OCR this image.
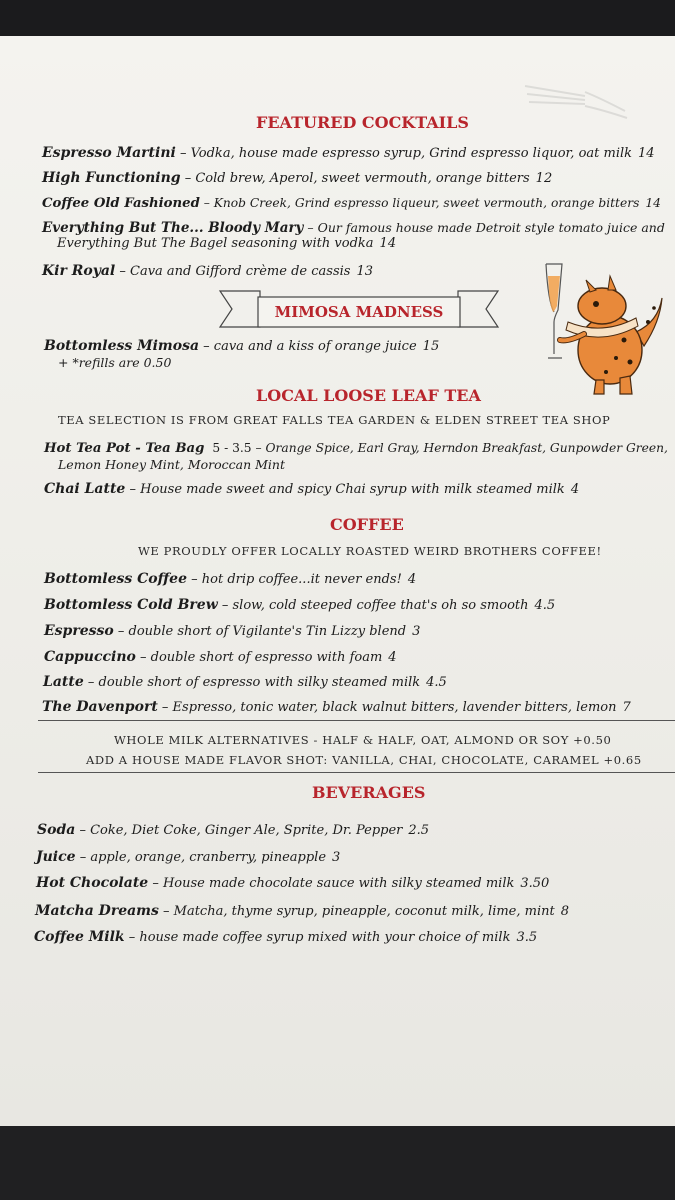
FEATURED COCKTAILS
Espresso Martini – Vodka, house made espresso syrup, Grind espresso liquor, oat milk 14
High Functioning – Cold brew, Aperol, sweet vermouth, orange bitters 12
Coffee Old Fashioned – Knob Creek, Grind espresso liqueur, sweet vermouth, orange bitters 14
Everything But The... Bloody Mary – Our famous house made Detroit style tomato juice and
Everything But The Bagel seasoning with vodka 14
Kir Royal – Cava and Gifford crème de cassis 13
MIMOSA MADNESS
Bottomless Mimosa – cava and a kiss of orange juice 15
+ *refills are 0.50
LOCAL LOOSE LEAF TEA
TEA SELECTION IS FROM GREAT FALLS TEA GARDEN & ELDEN STREET TEA SHOP
Hot Tea Pot - Tea Bag 5 - 3.5 – Orange Spice, Earl Gray, Herndon Breakfast, Gunpowder Green,
Lemon Honey Mint, Moroccan Mint
Chai Latte – House made sweet and spicy Chai syrup with milk steamed milk 4
COFFEE
WE PROUDLY OFFER LOCALLY ROASTED WEIRD BROTHERS COFFEE!
Bottomless Coffee – hot drip coffee...it never ends! 4
Bottomless Cold Brew – slow, cold steeped coffee that's oh so smooth 4.5
Espresso – double short of Vigilante's Tin Lizzy blend 3
Cappuccino – double short of espresso with foam 4
Latte – double short of espresso with silky steamed milk 4.5
The Davenport – Espresso, tonic water, black walnut bitters, lavender bitters, lemon 7
WHOLE MILK ALTERNATIVES - HALF & HALF, OAT, ALMOND OR SOY +0.50
ADD A HOUSE MADE FLAVOR SHOT: VANILLA, CHAI, CHOCOLATE, CARAMEL +0.65
BEVERAGES
Soda – Coke, Diet Coke, Ginger Ale, Sprite, Dr. Pepper 2.5
Juice – apple, orange, cranberry, pineapple 3
Hot Chocolate – House made chocolate sauce with silky steamed milk 3.50
Matcha Dreams – Matcha, thyme syrup, pineapple, coconut milk, lime, mint 8
Coffee Milk – house made coffee syrup mixed with your choice of milk 3.5
